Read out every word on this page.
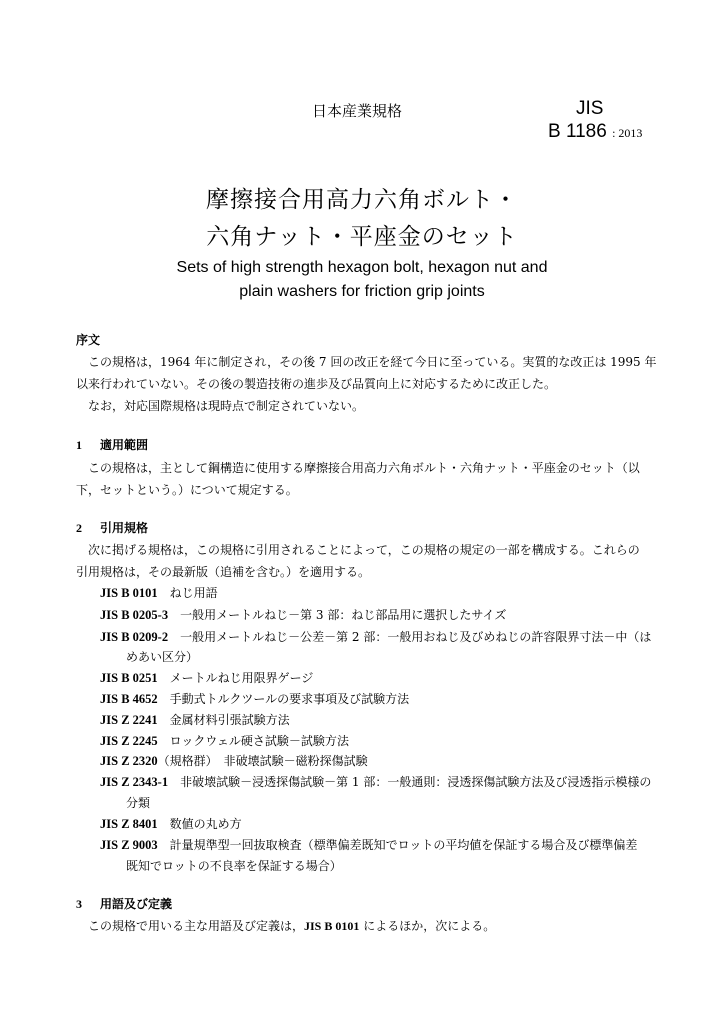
日本産業規格	JIS
B 1186 : 2013
摩擦接合用高力六角ボルト・
六角ナット・平座金のセット
Sets of high strength hexagon bolt, hexagon nut and
plain washers for friction grip joints
序文
この規格は，1964 年に制定され，その後 7 回の改正を経て今日に至っている。実質的な改正は 1995 年
以来行われていない。その後の製造技術の進歩及び品質向上に対応するために改正した。
なお，対応国際規格は現時点で制定されていない。
1 適用範囲
この規格は，主として鋼構造に使用する摩擦接合用高力六角ボルト・六角ナット・平座金のセット（以
下，セットという。）について規定する。
2 引用規格
次に掲げる規格は，この規格に引用されることによって，この規格の規定の一部を構成する。これらの
引用規格は，その最新版（追補を含む。）を適用する。
JIS B 0101 ねじ用語
JIS B 0205-3 一般用メートルねじ－第 3 部：ねじ部品用に選択したサイズ
JIS B 0209-2 一般用メートルねじ－公差－第 2 部：一般用おねじ及びめねじの許容限界寸法－中（は
めあい区分）
JIS B 0251 メートルねじ用限界ゲージ
JIS B 4652 手動式トルクツールの要求事項及び試験方法
JIS Z 2241 金属材料引張試験方法
JIS Z 2245 ロックウェル硬さ試験－試験方法
JIS Z 2320（規格群）　非破壊試験－磁粉探傷試験
JIS Z 2343-1 非破壊試験－浸透探傷試験－第 1 部：一般通則：浸透探傷試験方法及び浸透指示模様の
分類
JIS Z 8401 数値の丸め方
JIS Z 9003 計量規準型一回抜取検査（標準偏差既知でロットの平均値を保証する場合及び標準偏差
既知でロットの不良率を保証する場合）
3 用語及び定義
この規格で用いる主な用語及び定義は，JIS B 0101 によるほか，次による。
